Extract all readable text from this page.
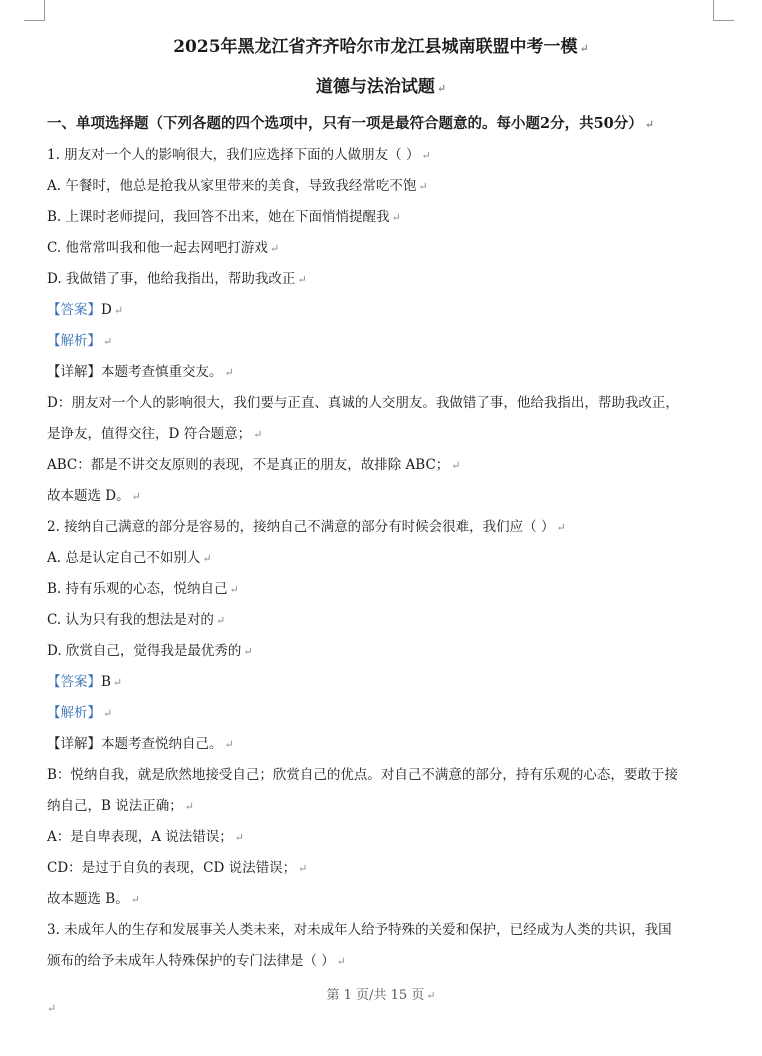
2025年黑龙江省齐齐哈尔市龙江县城南联盟中考一模 ↵

道德与法治试题 ↵

一、单项选择题（下列各题的四个选项中，只有一项是最符合题意的。每小题2分，共50分） ↵
1. 朋友对一个人的影响很大，我们应选择下面的人做朋友（ ） ↵
A. 午餐时，他总是抢我从家里带来的美食，导致我经常吃不饱 ↵
B. 上课时老师提问，我回答不出来，她在下面悄悄提醒我 ↵
C. 他常常叫我和他一起去网吧打游戏 ↵
D. 我做错了事，他给我指出，帮助我改正 ↵
【答案】D ↵
【解析】 ↵
【详解】本题考查慎重交友。 ↵
D：朋友对一个人的影响很大，我们要与正直、真诚的人交朋友。我做错了事，他给我指出，帮助我改正，
是诤友，值得交往，D 符合题意； ↵
ABC：都是不讲交友原则的表现，不是真正的朋友，故排除 ABC； ↵
故本题选 D。 ↵
2. 接纳自己满意的部分是容易的，接纳自己不满意的部分有时候会很难，我们应（ ） ↵
A. 总是认定自己不如别人 ↵
B. 持有乐观的心态，悦纳自己 ↵
C. 认为只有我的想法是对的 ↵
D. 欣赏自己，觉得我是最优秀的 ↵
【答案】B ↵
【解析】 ↵
【详解】本题考查悦纳自己。 ↵
B：悦纳自我，就是欣然地接受自己；欣赏自己的优点。对自己不满意的部分，持有乐观的心态，要敢于接
纳自己，B 说法正确； ↵
A：是自卑表现，A 说法错误； ↵
CD：是过于自负的表现，CD 说法错误； ↵
故本题选 B。 ↵
3. 未成年人的生存和发展事关人类未来，对未成年人给予特殊的关爱和保护，已经成为人类的共识，我国
颁布的给予未成年人特殊保护的专门法律是（ ） ↵
第 1 页/共 15 页 ↵
↵
